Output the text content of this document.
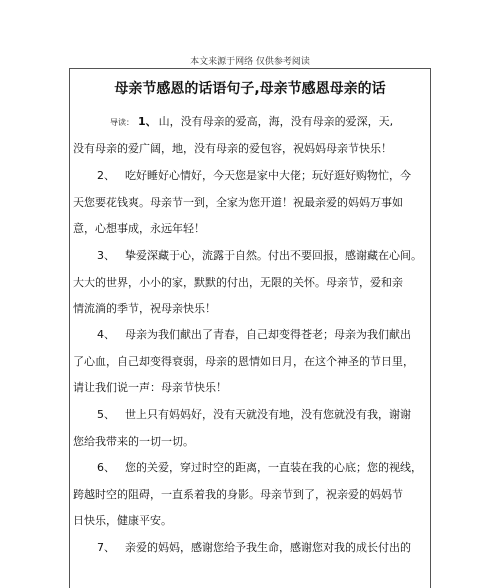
本文来源于网络 仅供参考阅读
母亲节感恩的话语句子,母亲节感恩母亲的话
导读： 1、 山，没有母亲的爱高，海，没有母亲的爱深，天,
没有母亲的爱广阔，地，没有母亲的爱包容，祝妈妈母亲节快乐！
2、 吃好睡好心情好，今天您是家中大佬；玩好逛好购物忙，今
天您要花钱爽。母亲节一到，全家为您开道！祝最亲爱的妈妈万事如
意，心想事成，永远年轻！
3、 挚爱深藏于心，流露于自然。付出不要回报，感谢藏在心间。
大大的世界，小小的家，默默的付出，无限的关怀。母亲节，爱和亲
情流淌的季节，祝母亲快乐！
4、 母亲为我们献出了青春，自己却变得苍老；母亲为我们献出
了心血，自己却变得衰弱，母亲的恩情如日月，在这个神圣的节日里，
请让我们说一声：母亲节快乐！
5、 世上只有妈妈好，没有天就没有地，没有您就没有我，谢谢
您给我带来的一切一切。
6、 您的关爱，穿过时空的距离，一直装在我的心底；您的视线，
跨越时空的阻碍，一直系着我的身影。母亲节到了，祝亲爱的妈妈节
日快乐，健康平安。
7、 亲爱的妈妈，感谢您给予我生命，感谢您对我的成长付出的
